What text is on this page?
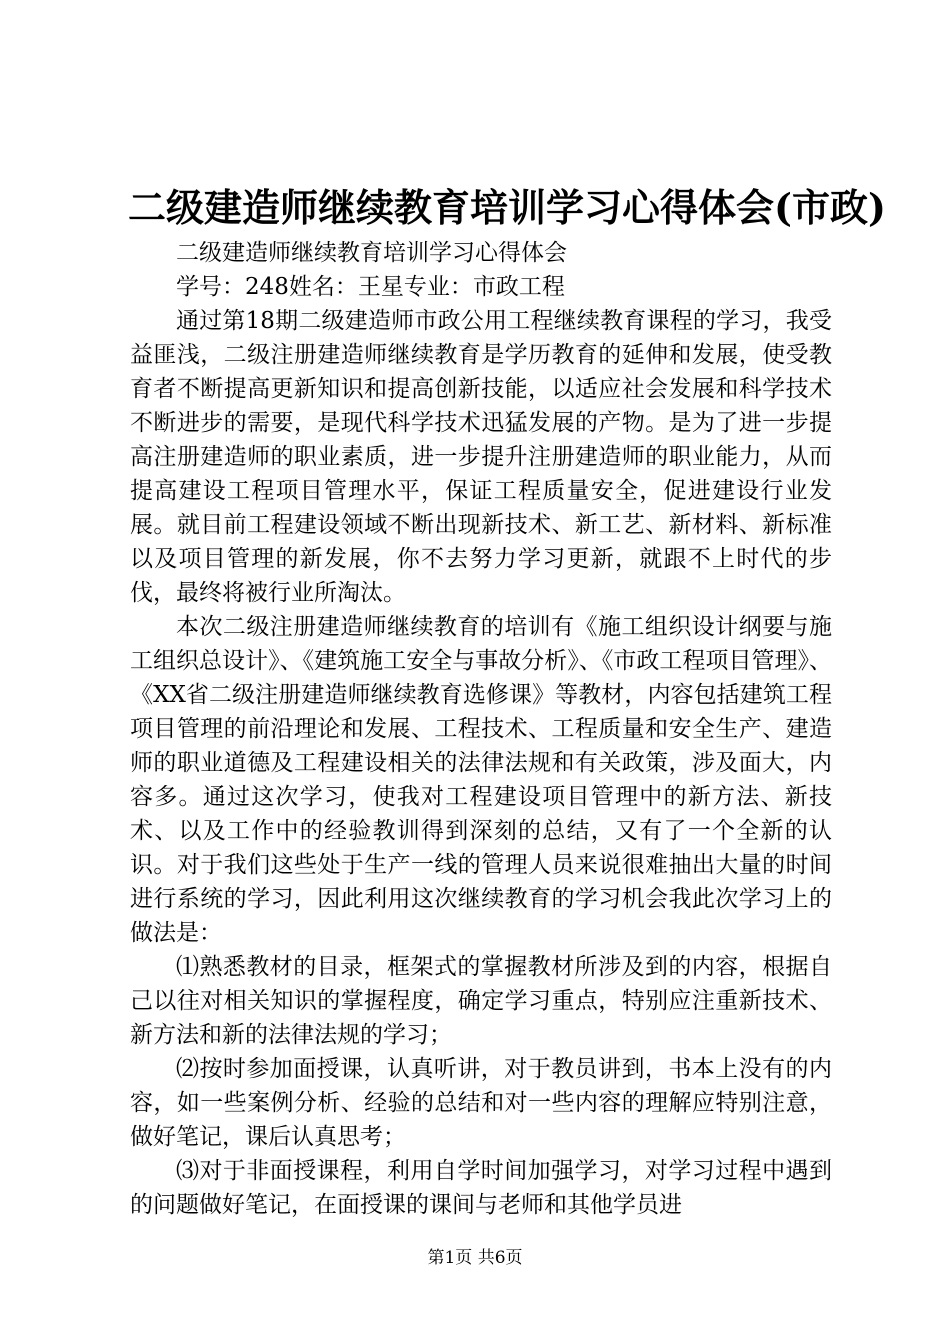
二级建造师继续教育培训学习心得体会(市政)

二级建造师继续教育培训学习心得体会

学号：248姓名：王星专业：市政工程

通过第18期二级建造师市政公用工程继续教育课程的学习，我受益匪浅，二级注册建造师继续教育是学历教育的延伸和发展，使受教育者不断提高更新知识和提高创新技能，以适应社会发展和科学技术不断进步的需要，是现代科学技术迅猛发展的产物。是为了进一步提高注册建造师的职业素质，进一步提升注册建造师的职业能力，从而提高建设工程项目管理水平，保证工程质量安全，促进建设行业发展。就目前工程建设领域不断出现新技术、新工艺、新材料、新标准以及项目管理的新发展，你不去努力学习更新，就跟不上时代的步伐，最终将被行业所淘汰。

本次二级注册建造师继续教育的培训有《施工组织设计纲要与施工组织总设计》、《建筑施工安全与事故分析》、《市政工程项目管理》、《XX省二级注册建造师继续教育选修课》等教材，内容包括建筑工程项目管理的前沿理论和发展、工程技术、工程质量和安全生产、建造师的职业道德及工程建设相关的法律法规和有关政策，涉及面大，内容多。通过这次学习，使我对工程建设项目管理中的新方法、新技术、以及工作中的经验教训得到深刻的总结，又有了一个全新的认识。对于我们这些处于生产一线的管理人员来说很难抽出大量的时间进行系统的学习，因此利用这次继续教育的学习机会我此次学习上的做法是：

⑴熟悉教材的目录，框架式的掌握教材所涉及到的内容，根据自己以往对相关知识的掌握程度，确定学习重点，特别应注重新技术、新方法和新的法律法规的学习；

⑵按时参加面授课，认真听讲，对于教员讲到，书本上没有的内容，如一些案例分析、经验的总结和对一些内容的理解应特别注意，做好笔记，课后认真思考；

⑶对于非面授课程，利用自学时间加强学习，对学习过程中遇到的问题做好笔记，在面授课的课间与老师和其他学员进

第1页 共6页
